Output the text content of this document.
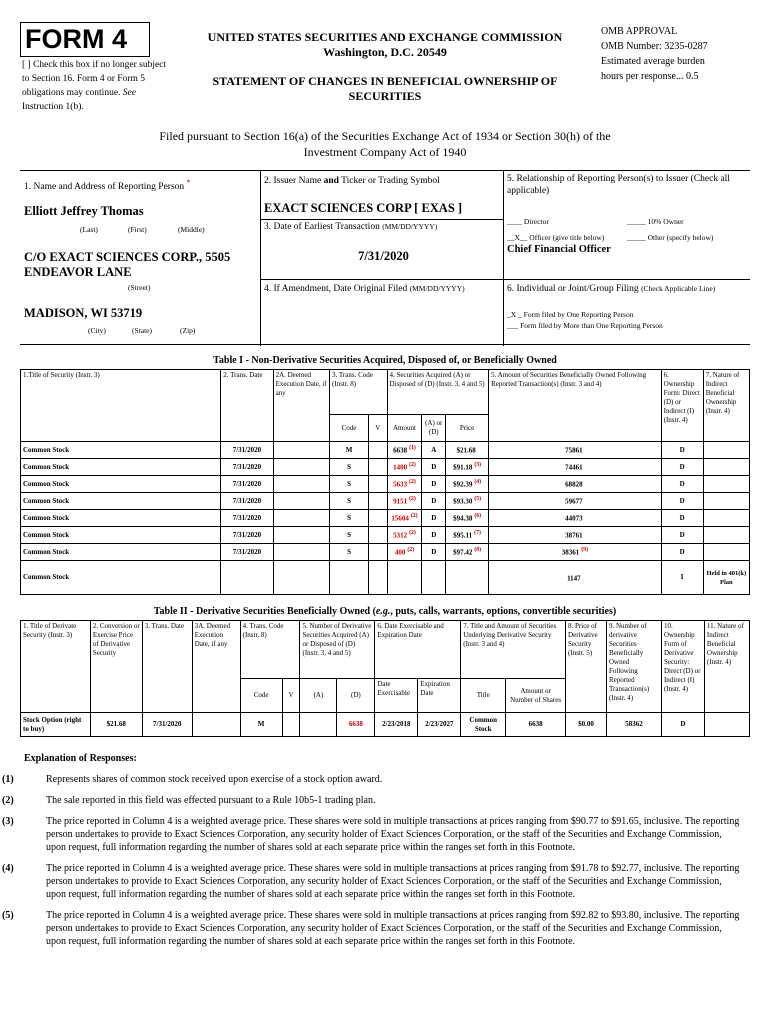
FORM 4
[ ] Check this box if no longer subject to Section 16. Form 4 or Form 5 obligations may continue. See Instruction 1(b).
UNITED STATES SECURITIES AND EXCHANGE COMMISSION
Washington, D.C. 20549
STATEMENT OF CHANGES IN BENEFICIAL OWNERSHIP OF SECURITIES
OMB APPROVAL
OMB Number: 3235-0287
Estimated average burden
hours per response... 0.5
Filed pursuant to Section 16(a) of the Securities Exchange Act of 1934 or Section 30(h) of the Investment Company Act of 1940
1. Name and Address of Reporting Person *
Elliott Jeffrey Thomas
(Last)	(First)	(Middle)
C/O EXACT SCIENCES CORP., 5505 ENDEAVOR LANE
(Street)
MADISON, WI 53719
(City)	(State)	(Zip)
2. Issuer Name and Ticker or Trading Symbol
EXACT SCIENCES CORP [ EXAS ]
3. Date of Earliest Transaction (MM/DD/YYYY)
7/31/2020
4. If Amendment, Date Original Filed (MM/DD/YYYY)
5. Relationship of Reporting Person(s) to Issuer (Check all applicable)
____ Director	_____ 10% Owner
__X__ Officer (give title below)	_____ Other (specify below)
Chief Financial Officer
6. Individual or Joint/Group Filing (Check Applicable Line)
_X _ Form filed by One Reporting Person
___ Form filed by More than One Reporting Person
Table I - Non-Derivative Securities Acquired, Disposed of, or Beneficially Owned
1.Title of Security (Instr. 3)	2. Trans. Date	2A. Deemed Execution Date, if any	3. Trans. Code (Instr. 8)		4. Securities Acquired (A) or Disposed of (D) (Instr. 3, 4 and 5)			5. Amount of Securities Beneficially Owned Following Reported Transaction(s) (Instr. 3 and 4)	6. Ownership Form: Direct (D) or Indirect (I) (Instr. 4)	7. Nature of Indirect Beneficial Ownership (Instr. 4)
			Code	V	Amount	(A) or (D)	Price			
Common Stock	7/31/2020		M		6638 $^{(1)}$	A	$21.68	75861	D	
Common Stock	7/31/2020		S		1400 $^{(2)}$	D	$91.18 $^{(3)}$	74461	D	
Common Stock	7/31/2020		S		5633 $^{(2)}$	D	$92.39 $^{(4)}$	68828	D	
Common Stock	7/31/2020		S		9151 $^{(2)}$	D	$93.30 $^{(5)}$	59677	D	
Common Stock	7/31/2020		S		15604 $^{(2)}$	D	$94.38 $^{(6)}$	44073	D	
Common Stock	7/31/2020		S		5312 $^{(2)}$	D	$95.11 $^{(7)}$	38761	D	
Common Stock	7/31/2020		S		400 $^{(2)}$	D	$97.42 $^{(8)}$	38361 $^{(9)}$	D	
Common Stock								1147	I	Held in 401(k) Plan
Table II - Derivative Securities Beneficially Owned (e.g., puts, calls, warrants, options, convertible securities)
1. Title of Derivate Security (Instr. 3)	2. Conversion or Exercise Price of Derivative Security	3. Trans. Date	3A. Deemed Execution Date, if any	4. Trans. Code (Instr. 8)		5. Number of Derivative Securities Acquired (A) or Disposed of (D) (Instr. 3, 4 and 5)		6. Date Exercisable and Expiration Date		7. Title and Amount of Securities Underlying Derivative Security (Instr. 3 and 4)		8. Price of Derivative Security (Instr. 5)	9. Number of derivative Securities Beneficially Owned Following Reported Transaction(s) (Instr. 4)	10. Ownership Form of Derivative Security: Direct (D) or Indirect (I) (Instr. 4)	11. Nature of Indirect Beneficial Ownership (Instr. 4)
				Code	V	(A)	(D)	Date Exercisable	Expiration Date	Title	Amount or Number of Shares				
Stock Option (right to buy)	$21.68	7/31/2020		M			6638	2/23/2018	2/23/2027	Common Stock	6638	$0.00	58362	D	
Explanation of Responses:
(1)	Represents shares of common stock received upon exercise of a stock option award.
(2)	The sale reported in this field was effected pursuant to a Rule 10b5-1 trading plan.
(3)	The price reported in Column 4 is a weighted average price. These shares were sold in multiple transactions at prices ranging from $90.77 to $91.65, inclusive. The reporting person undertakes to provide to Exact Sciences Corporation, any security holder of Exact Sciences Corporation, or the staff of the Securities and Exchange Commission, upon request, full information regarding the number of shares sold at each separate price within the ranges set forth in this Footnote.
(4)	The price reported in Column 4 is a weighted average price. These shares were sold in multiple transactions at prices ranging from $91.78 to $92.77, inclusive. The reporting person undertakes to provide to Exact Sciences Corporation, any security holder of Exact Sciences Corporation, or the staff of the Securities and Exchange Commission, upon request, full information regarding the number of shares sold at each separate price within the ranges set forth in this Footnote.
(5)	The price reported in Column 4 is a weighted average price. These shares were sold in multiple transactions at prices ranging from $92.82 to $93.80, inclusive. The reporting person undertakes to provide to Exact Sciences Corporation, any security holder of Exact Sciences Corporation, or the staff of the Securities and Exchange Commission, upon request, full information regarding the number of shares sold at each separate price within the ranges set forth in this Footnote.
